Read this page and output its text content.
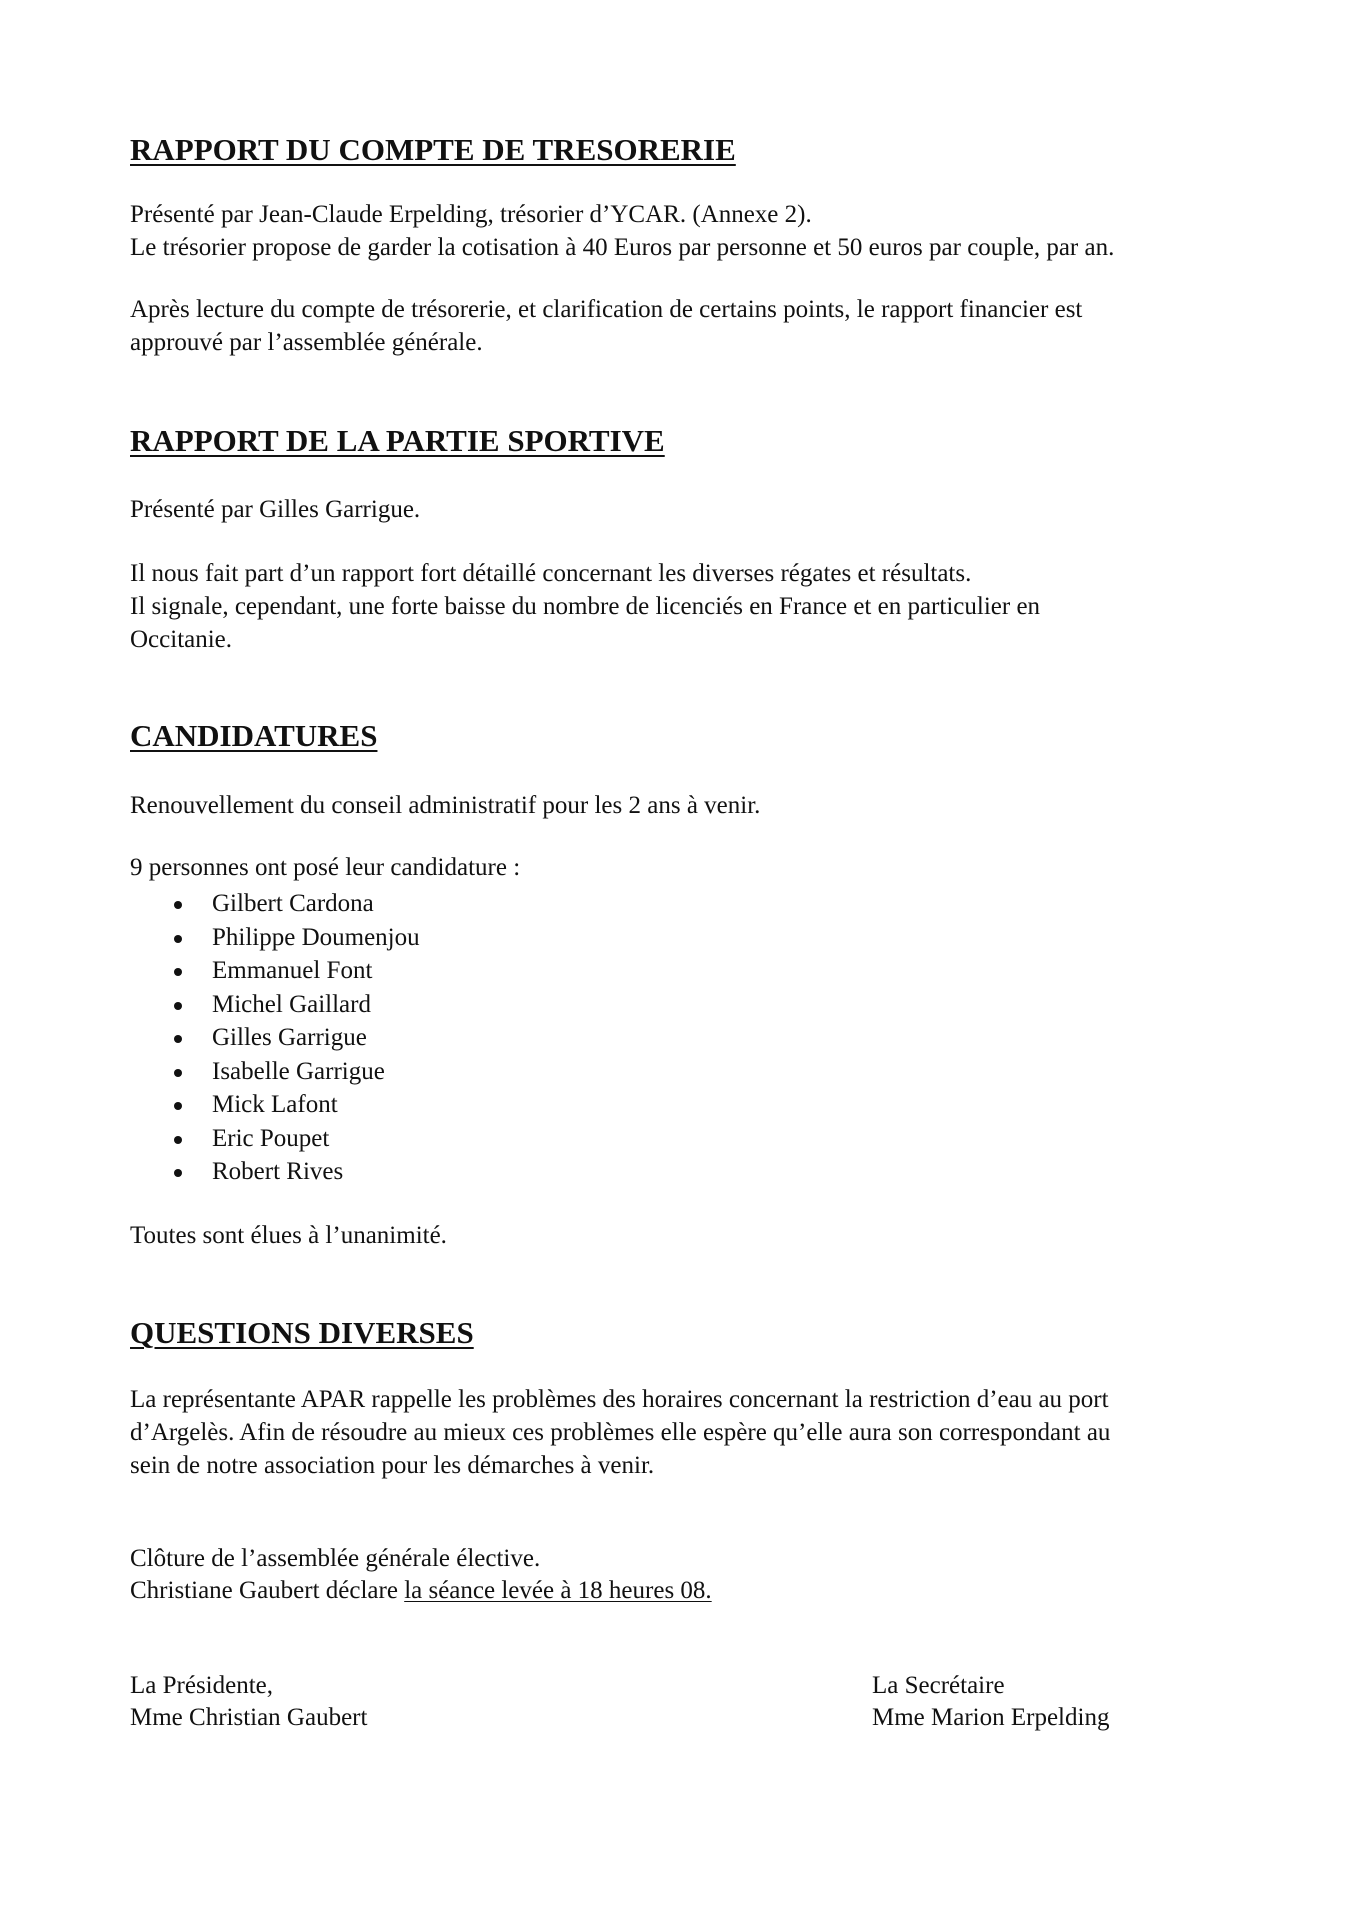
RAPPORT DU COMPTE DE TRESORERIE
Présenté par Jean-Claude Erpelding, trésorier d’YCAR. (Annexe 2).
Le trésorier propose de garder la cotisation à 40 Euros par personne et 50 euros par couple, par an.
Après lecture du compte de trésorerie, et clarification de certains points, le rapport financier est
approuvé par l’assemblée générale.
RAPPORT DE LA PARTIE SPORTIVE
Présenté par Gilles Garrigue.
Il nous fait part d’un rapport fort détaillé concernant les diverses régates et résultats.
Il signale, cependant, une forte baisse du nombre de licenciés en France et en particulier en
Occitanie.
CANDIDATURES
Renouvellement du conseil administratif pour les 2 ans à venir.
9 personnes ont posé leur candidature :
Gilbert Cardona
Philippe Doumenjou
Emmanuel Font
Michel Gaillard
Gilles Garrigue
Isabelle Garrigue
Mick Lafont
Eric Poupet
Robert Rives
Toutes sont élues à l’unanimité.
QUESTIONS DIVERSES
La représentante APAR rappelle les problèmes des horaires concernant la restriction d’eau au port
d’Argelès. Afin de résoudre au mieux ces problèmes elle espère qu’elle aura son correspondant au
sein de notre association pour les démarches à venir.
Clôture de l’assemblée générale élective.
Christiane Gaubert déclare la séance levée à 18 heures 08.
La Présidente,
Mme Christian Gaubert
La Secrétaire
Mme Marion Erpelding
